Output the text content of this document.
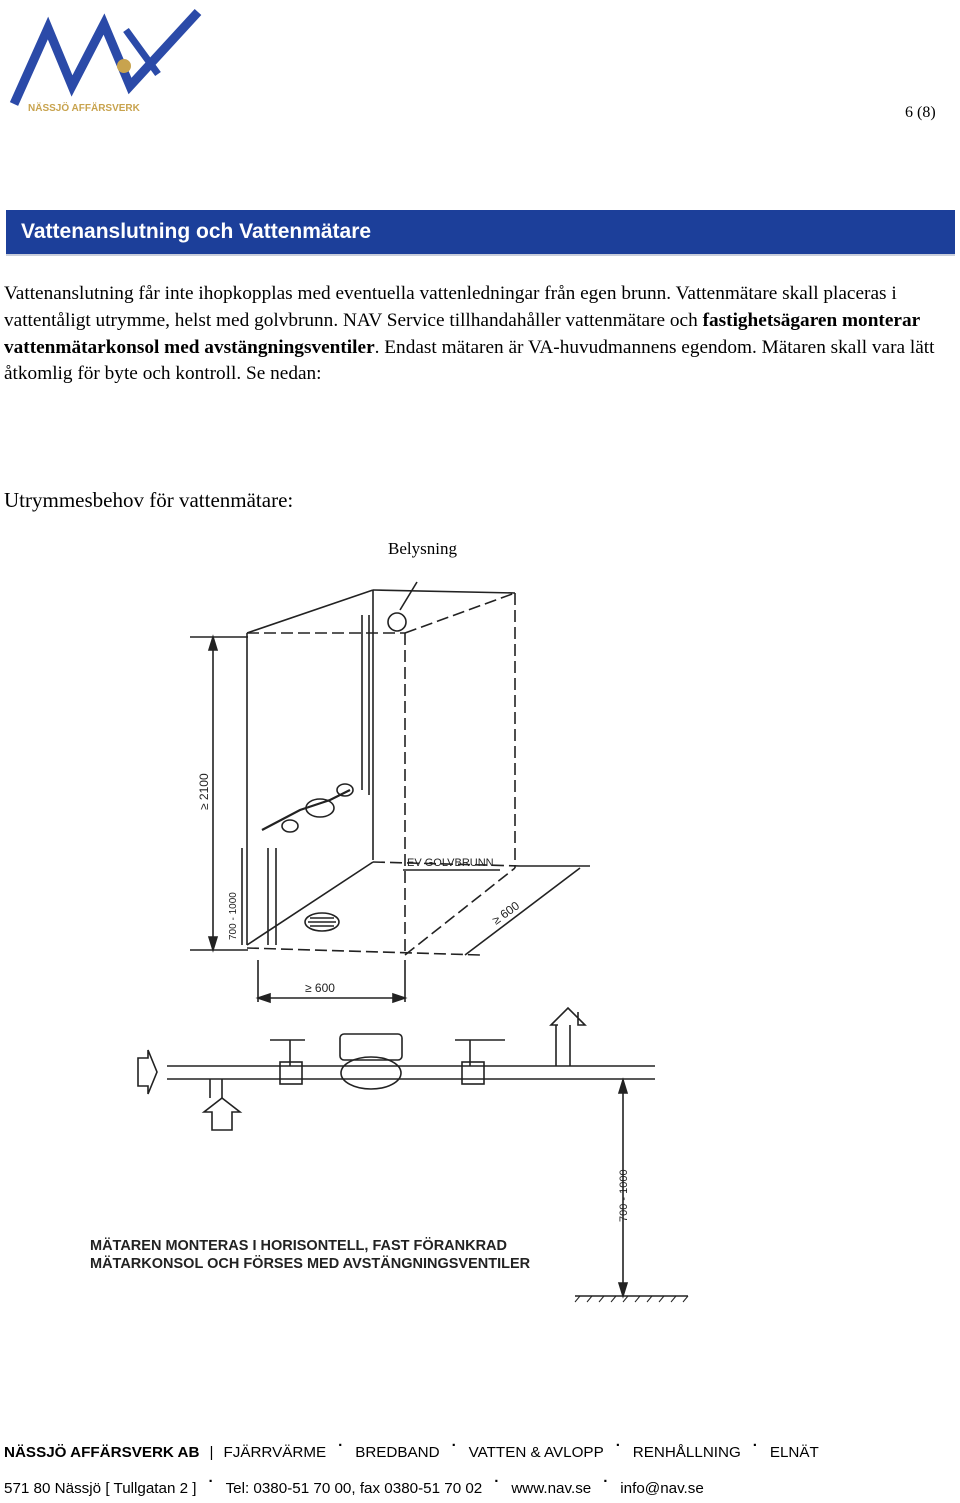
NÄSSJÖ AFFÄRSVERK	6 (8)
Vattenanslutning och Vattenmätare
Vattenanslutning får inte ihopkopplas med eventuella vattenledningar från egen brunn. Vattenmätare skall placeras i vattentåligt utrymme, helst med golvbrunn. NAV Service tillhandahåller vattenmätare och fastighetsägaren monterar vattenmätarkonsol med avstängningsventiler. Endast mätaren är VA-huvudmannens egendom. Mätaren skall vara lätt åtkomlig för byte och kontroll. Se nedan:
Utrymmesbehov för vattenmätare:
Belysning
≥ 2100
700 - 1000
EV GOLVBRUNN
≥ 600
≥ 600
700 - 1000
MÄTAREN MONTERAS I HORISONTELL, FAST FÖRANKRAD
MÄTARKONSOL OCH FÖRSES MED AVSTÄNGNINGSVENTILER
NÄSSJÖ AFFÄRSVERK AB | FJÄRRVÄRME · BREDBAND · VATTEN & AVLOPP · RENHÅLLNING · ELNÄT
571 80 Nässjö [ Tullgatan 2 ] · Tel: 0380-51 70 00, fax 0380-51 70 02 · www.nav.se · info@nav.se
